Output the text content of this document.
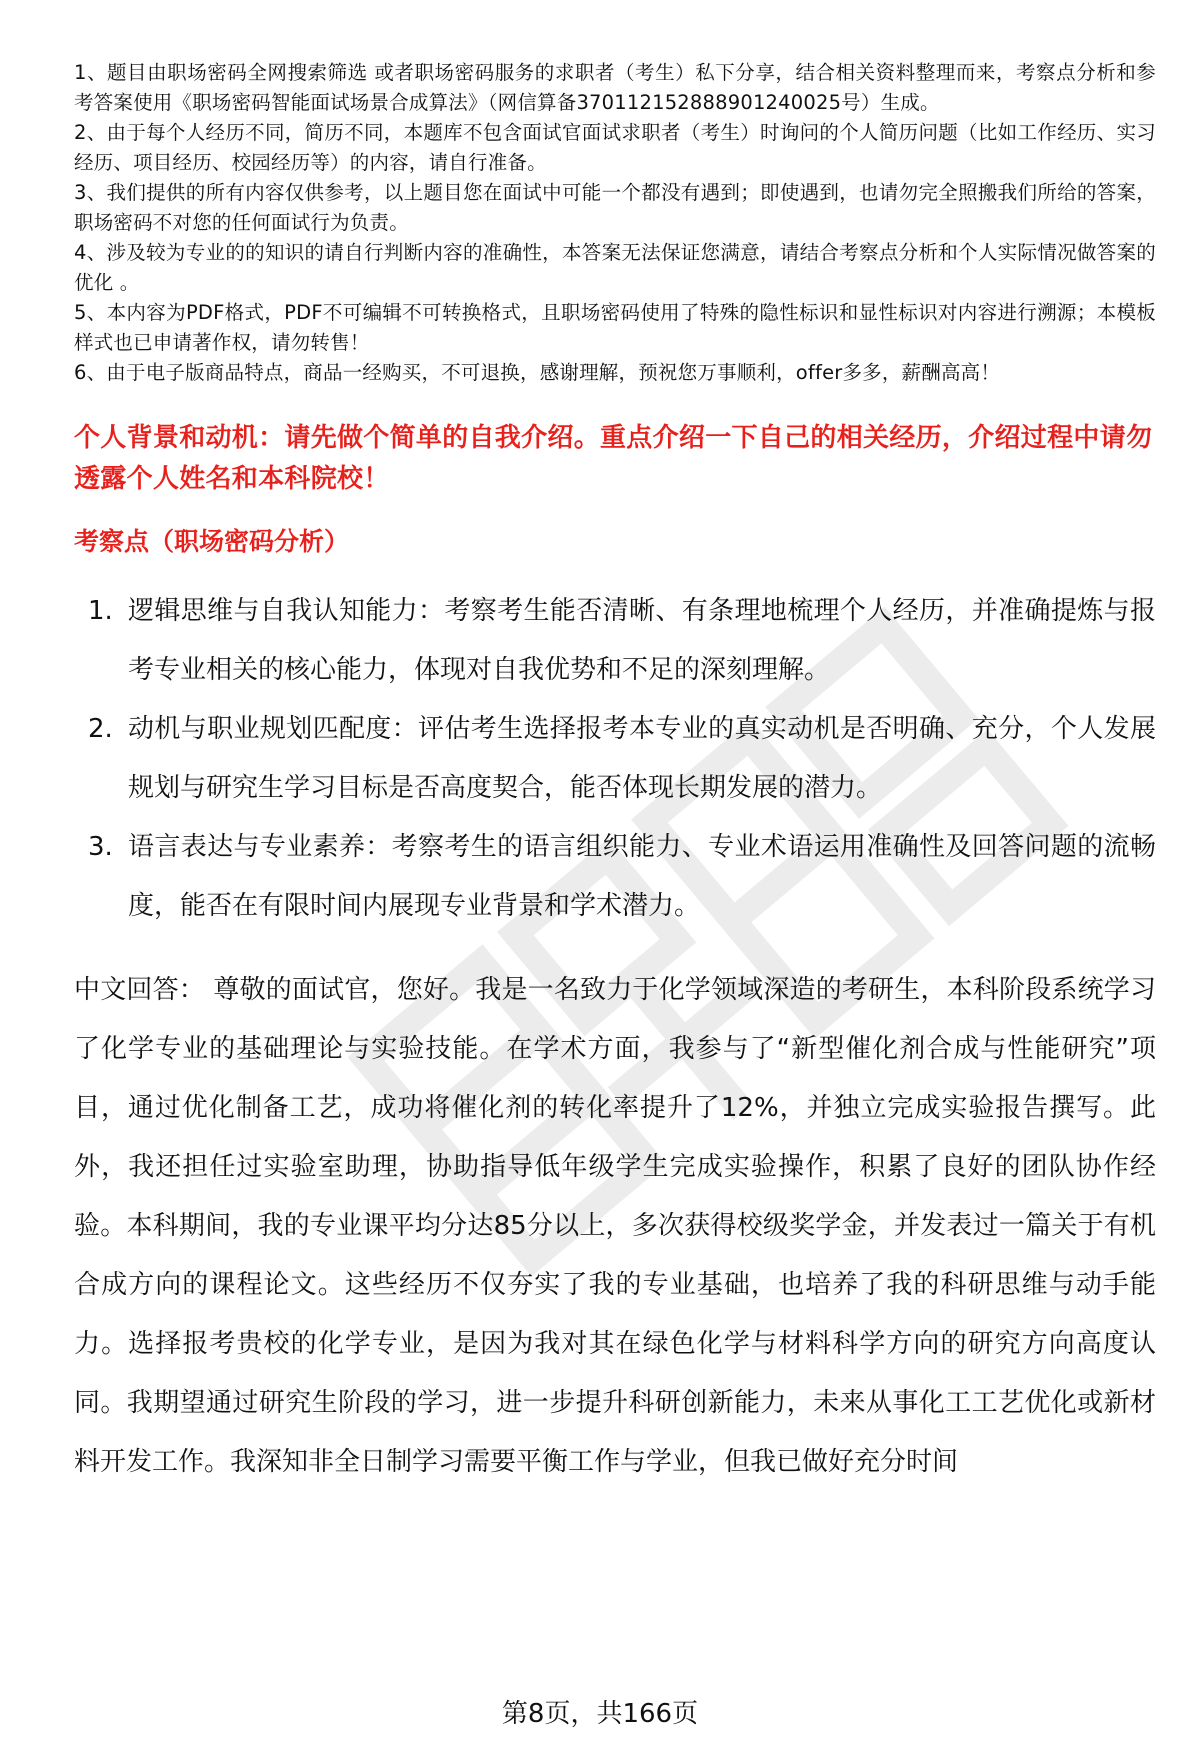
1、题目由职场密码全网搜索筛选 或者职场密码服务的求职者（考生）私下分享，结合相关资料整理而来，考察点分析和参考答案使用《职场密码智能面试场景合成算法》（网信算备370112152888901240025号）生成。

2、由于每个人经历不同，简历不同，本题库不包含面试官面试求职者（考生）时询问的个人简历问题（比如工作经历、实习经历、项目经历、校园经历等）的内容，请自行准备。

3、我们提供的所有内容仅供参考，以上题目您在面试中可能一个都没有遇到；即使遇到，也请勿完全照搬我们所给的答案，职场密码不对您的任何面试行为负责。

4、涉及较为专业的的知识的请自行判断内容的准确性，本答案无法保证您满意，请结合考察点分析和个人实际情况做答案的优化 。

5、本内容为PDF格式，PDF不可编辑不可转换格式，且职场密码使用了特殊的隐性标识和显性标识对内容进行溯源；本模板样式也已申请著作权，请勿转售！

6、由于电子版商品特点，商品一经购买，不可退换，感谢理解，预祝您万事顺利，offer多多，薪酬高高！

个人背景和动机：请先做个简单的自我介绍。重点介绍一下自己的相关经历，介绍过程中请勿透露个人姓名和本科院校！
考察点（职场密码分析）
1. 逻辑思维与自我认知能力：考察考生能否清晰、有条理地梳理个人经历，并准确提炼与报考专业相关的核心能力，体现对自我优势和不足的深刻理解。
2. 动机与职业规划匹配度：评估考生选择报考本专业的真实动机是否明确、充分，个人发展规划与研究生学习目标是否高度契合，能否体现长期发展的潜力。
3. 语言表达与专业素养：考察考生的语言组织能力、专业术语运用准确性及回答问题的流畅度，能否在有限时间内展现专业背景和学术潜力。

中文回答： 尊敬的面试官，您好。我是一名致力于化学领域深造的考研生，本科阶段系统学习了化学专业的基础理论与实验技能。在学术方面，我参与了“新型催化剂合成与性能研究”项目，通过优化制备工艺，成功将催化剂的转化率提升了12%，并独立完成实验报告撰写。此外，我还担任过实验室助理，协助指导低年级学生完成实验操作，积累了良好的团队协作经验。本科期间，我的专业课平均分达85分以上，多次获得校级奖学金，并发表过一篇关于有机合成方向的课程论文。这些经历不仅夯实了我的专业基础，也培养了我的科研思维与动手能力。选择报考贵校的化学专业，是因为我对其在绿色化学与材料科学方向的研究方向高度认同。我期望通过研究生阶段的学习，进一步提升科研创新能力，未来从事化工工艺优化或新材料开发工作。我深知非全日制学习需要平衡工作与学业，但我已做好充分时间

第8页，共166页
